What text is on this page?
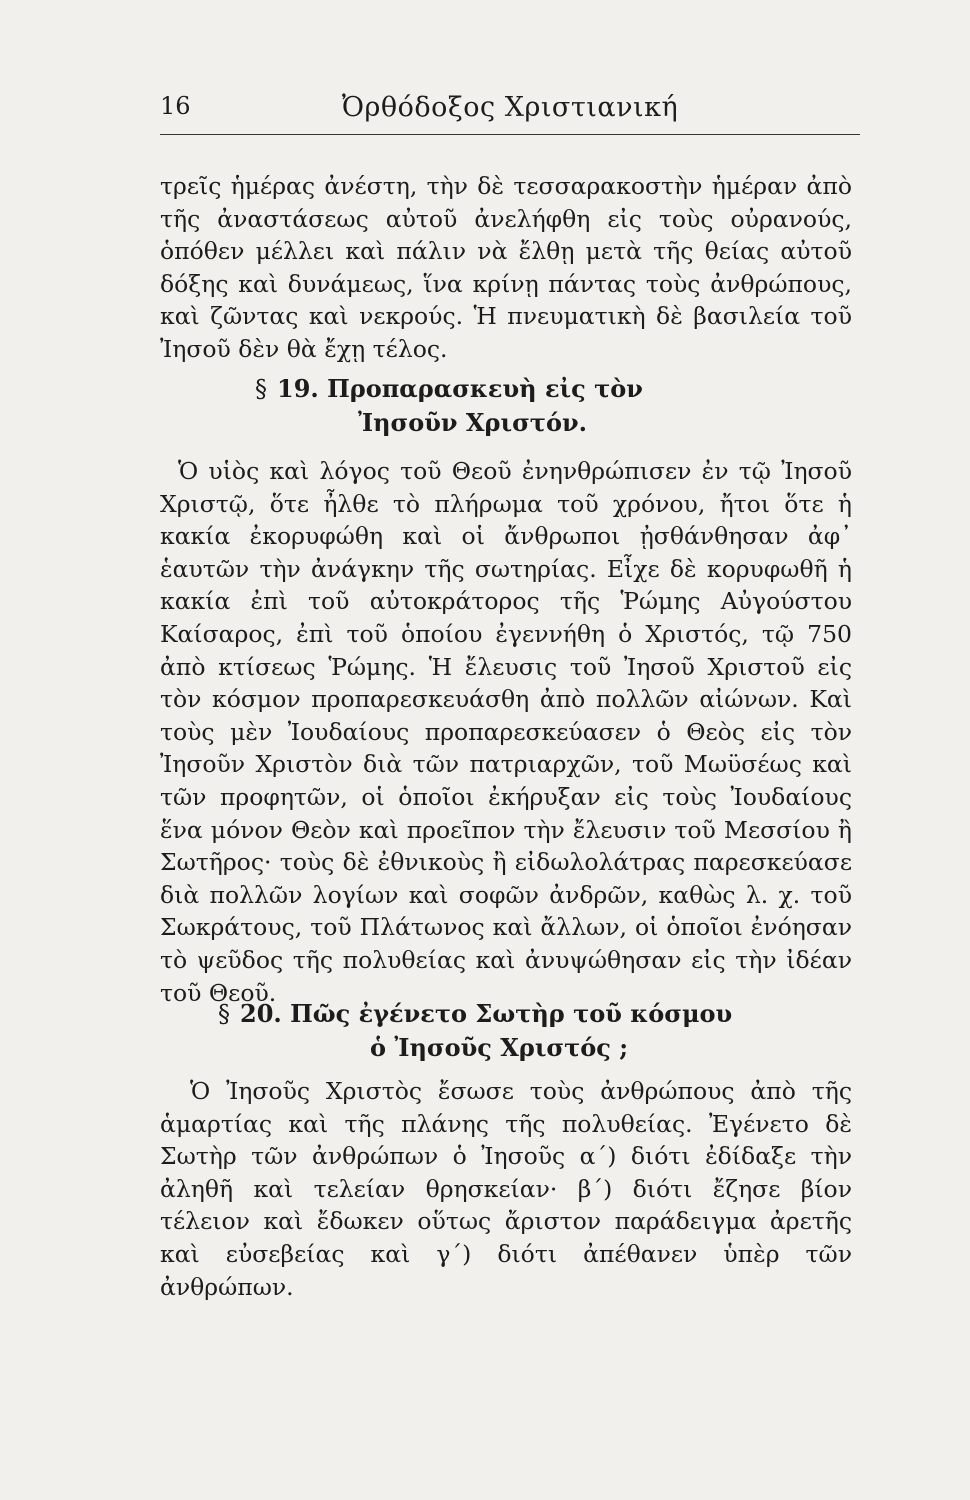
16	Ὀρθόδοξος Χριστιανική

τρεῖς ἡμέρας ἀνέστη, τὴν δὲ τεσσαρακοστὴν ἡμέραν ἀπὸ τῆς ἀναστάσεως αὐτοῦ ἀνελήφθη εἰς τοὺς οὐρανούς, ὁπόθεν μέλλει καὶ πάλιν νὰ ἔλθῃ μετὰ τῆς θείας αὐτοῦ δόξης καὶ δυνάμεως, ἵνα κρίνῃ πάντας τοὺς ἀνθρώπους, καὶ ζῶντας καὶ νεκρούς. Ἡ πνευματικὴ δὲ βασιλεία τοῦ Ἰησοῦ δὲν θὰ ἔχῃ τέλος.

§ 19. Προπαρασκευὴ εἰς τὸν
Ἰησοῦν Χριστόν.

Ὁ υἱὸς καὶ λόγος τοῦ Θεοῦ ἐνηνθρώπισεν ἐν τῷ Ἰησοῦ Χριστῷ, ὅτε ἦλθε τὸ πλήρωμα τοῦ χρόνου, ἤτοι ὅτε ἡ κακία ἐκορυφώθη καὶ οἱ ἄνθρωποι ᾐσθάνθησαν ἀφ᾽ ἑαυτῶν τὴν ἀνάγκην τῆς σωτηρίας. Εἶχε δὲ κορυφωθῆ ἡ κακία ἐπὶ τοῦ αὐτοκράτορος τῆς Ῥώμης Αὐγούστου Καίσαρος, ἐπὶ τοῦ ὁποίου ἐγεννήθη ὁ Χριστός, τῷ 750 ἀπὸ κτίσεως Ῥώμης. Ἡ ἔλευσις τοῦ Ἰησοῦ Χριστοῦ εἰς τὸν κόσμον προπαρεσκευάσθη ἀπὸ πολλῶν αἰώνων. Καὶ τοὺς μὲν Ἰουδαίους προπαρεσκεύασεν ὁ Θεὸς εἰς τὸν Ἰησοῦν Χριστὸν διὰ τῶν πατριαρχῶν, τοῦ Μωϋσέως καὶ τῶν προφητῶν, οἱ ὁποῖοι ἐκήρυξαν εἰς τοὺς Ἰουδαίους ἕνα μόνον Θεὸν καὶ προεῖπον τὴν ἔλευσιν τοῦ Μεσσίου ἢ Σωτῆρος· τοὺς δὲ ἐθνικοὺς ἢ εἰδωλολάτρας παρεσκεύασε διὰ πολλῶν λογίων καὶ σοφῶν ἀνδρῶν, καθὼς λ. χ. τοῦ Σωκράτους, τοῦ Πλάτωνος καὶ ἄλλων, οἱ ὁποῖοι ἐνόησαν τὸ ψεῦδος τῆς πολυθείας καὶ ἀνυψώθησαν εἰς τὴν ἰδέαν τοῦ Θεοῦ.

§ 20. Πῶς ἐγένετο Σωτὴρ τοῦ κόσμου
ὁ Ἰησοῦς Χριστός ;

Ὁ Ἰησοῦς Χριστὸς ἔσωσε τοὺς ἀνθρώπους ἀπὸ τῆς ἁμαρτίας καὶ τῆς πλάνης τῆς πολυθείας. Ἐγένετο δὲ Σωτὴρ τῶν ἀνθρώπων ὁ Ἰησοῦς α΄) διότι ἐδίδαξε τὴν ἀληθῆ καὶ τελείαν θρησκείαν· β΄) διότι ἔζησε βίον τέλειον καὶ ἔδωκεν οὕτως ἄριστον παράδειγμα ἀρετῆς καὶ εὐσεβείας καὶ γ΄) διότι ἀπέθανεν ὑπὲρ τῶν ἀνθρώπων.
